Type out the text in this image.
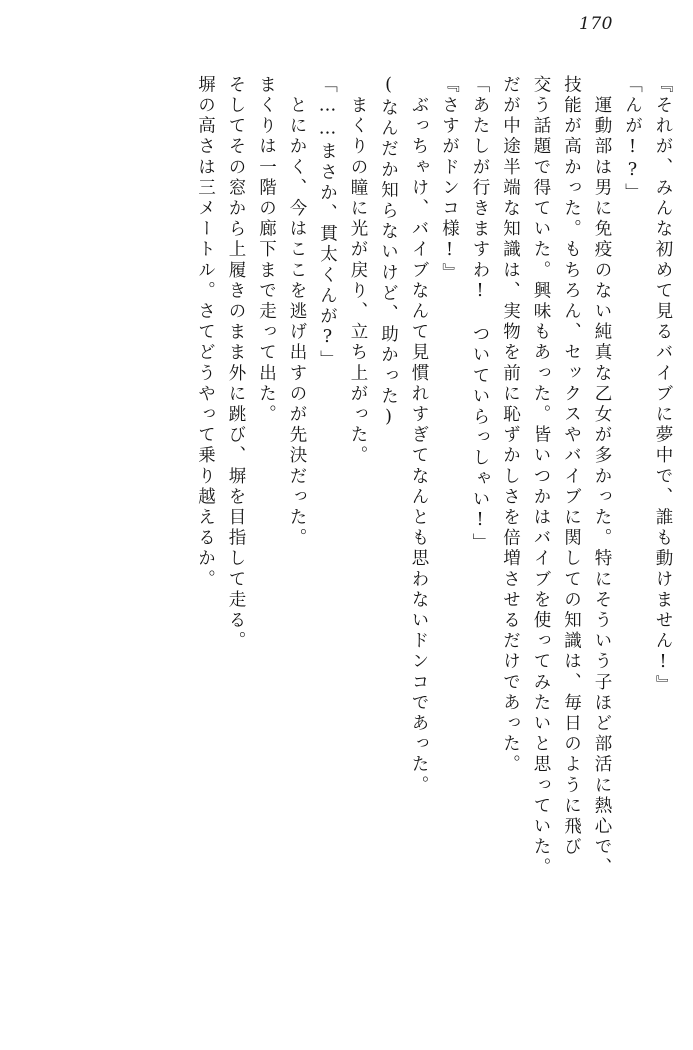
170
『それが、みんな初めて見るバイブに夢中で、誰も動けません!』
「んが!?」
　運動部は男に免疫のない純真な乙女が多かった。特にそういう子ほど部活に熱心で、
技能が高かった。もちろん、セックスやバイブに関しての知識は、毎日のように飛び
交う話題で得ていた。興味もあった。皆いつかはバイブを使ってみたいと思っていた。
だが中途半端な知識は、実物を前に恥ずかしさを倍増させるだけであった。
「あたしが行きますわ!　ついていらっしゃい!」
『さすがドンコ様!』
　ぶっちゃけ、バイブなんて見慣れすぎてなんとも思わないドンコであった。
(なんだか知らないけど、助かった)
　まくりの瞳に光が戻り、立ち上がった。
「……まさか、貫太くんが?」
　とにかく、今はここを逃げ出すのが先決だった。
まくりは一階の廊下まで走って出た。
そしてその窓から上履きのまま外に跳び、塀を目指して走る。
塀の高さは三メートル。さてどうやって乗り越えるか。
